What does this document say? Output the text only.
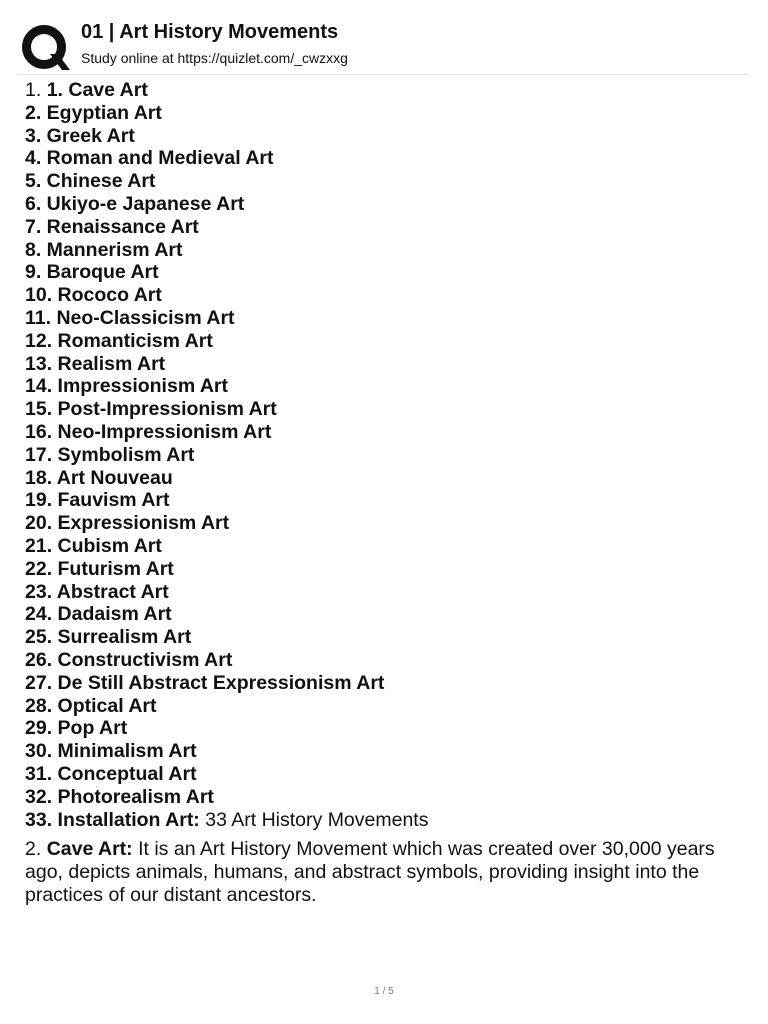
01 | Art History Movements
Study online at https://quizlet.com/_cwzxxg
1. 1. Cave Art
2. Egyptian Art
3. Greek Art
4. Roman and Medieval Art
5. Chinese Art
6. Ukiyo-e Japanese Art
7. Renaissance Art
8. Mannerism Art
9. Baroque Art
10. Rococo Art
11. Neo-Classicism Art
12. Romanticism Art
13. Realism Art
14. Impressionism Art
15. Post-Impressionism Art
16. Neo-Impressionism Art
17. Symbolism Art
18. Art Nouveau
19. Fauvism Art
20. Expressionism Art
21. Cubism Art
22. Futurism Art
23. Abstract Art
24. Dadaism Art
25. Surrealism Art
26. Constructivism Art
27. De Still Abstract Expressionism Art
28. Optical Art
29. Pop Art
30. Minimalism Art
31. Conceptual Art
32. Photorealism Art
33. Installation Art: 33 Art History Movements
2. Cave Art: It is an Art History Movement which was created over 30,000 years ago, depicts animals, humans, and abstract symbols, providing insight into the practices of our distant ancestors.
1 / 5
